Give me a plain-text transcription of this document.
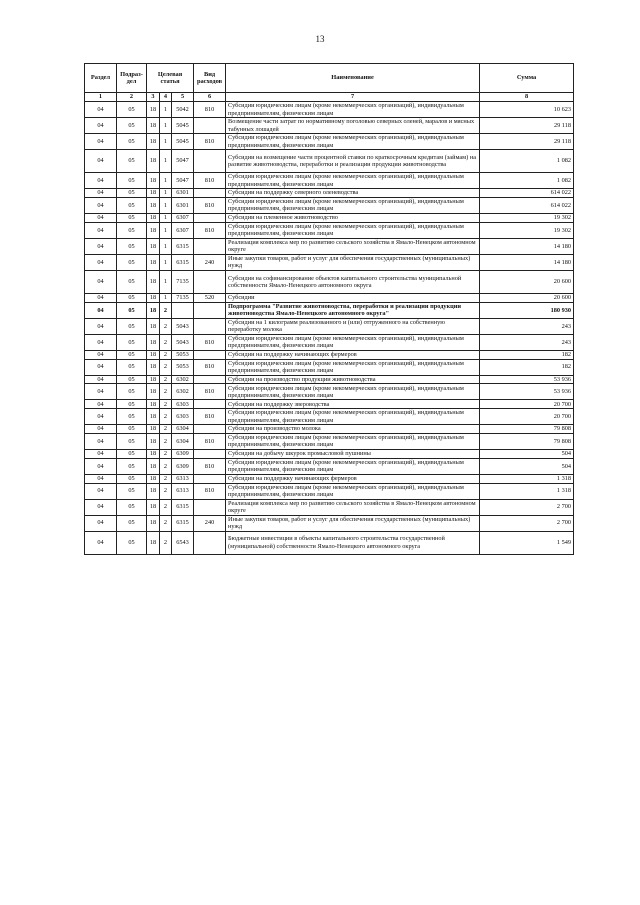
13
Раздел	Подраз-дел	Целевая статья			Вид расходов	Наименование	Сумма
1	2	3	4	5	6	7	8
04	05	18	1	5042	810	Субсидии юридическим лицам (кроме некоммерческих организаций), индивидуальным предпринимателям, физическим лицам	10 623
04	05	18	1	5045		Возмещение части затрат по нормативному поголовью северных оленей, маралов и мясных табунных лошадей	29 118
04	05	18	1	5045	810	Субсидии юридическим лицам (кроме некоммерческих организаций), индивидуальным предпринимателям, физическим лицам	29 118
04	05	18	1	5047		Субсидии на возмещение части процентной ставки по краткосрочным кредитам (займам) на развитие животноводства, переработки и реализации продукции животноводства	1 082
04	05	18	1	5047	810	Субсидии юридическим лицам (кроме некоммерческих организаций), индивидуальным предпринимателям, физическим лицам	1 082
04	05	18	1	6301		Субсидии на поддержку северного оленеводства	614 022
04	05	18	1	6301	810	Субсидии юридическим лицам (кроме некоммерческих организаций), индивидуальным предпринимателям, физическим лицам	614 022
04	05	18	1	6307		Субсидии на племенное животноводство	19 302
04	05	18	1	6307	810	Субсидии юридическим лицам (кроме некоммерческих организаций), индивидуальным предпринимателям, физическим лицам	19 302
04	05	18	1	6315		Реализация комплекса мер по развитию сельского хозяйства в Ямало-Ненецком автономном округе	14 180
04	05	18	1	6315	240	Иные закупки товаров, работ и услуг для обеспечения государственных (муниципальных) нужд	14 180
04	05	18	1	7135		Субсидия на софинансирование объектов капитального строительства муниципальной собственности Ямало-Ненецкого автономного округа	20 600
04	05	18	1	7135	520	Субсидии	20 600
04	05	18	2			Подпрограмма "Развитие животноводства, переработки и реализации продукции животноводства Ямало-Ненецкого автономного округа"	180 930
04	05	18	2	5043		Субсидии на 1 килограмм реализованного и (или) отгруженного на собственную переработку молока	243
04	05	18	2	5043	810	Субсидии юридическим лицам (кроме некоммерческих организаций), индивидуальным предпринимателям, физическим лицам	243
04	05	18	2	5053		Субсидии на поддержку начинающих фермеров	182
04	05	18	2	5053	810	Субсидии юридическим лицам (кроме некоммерческих организаций), индивидуальным предпринимателям, физическим лицам	182
04	05	18	2	6302		Субсидии на производство продукции животноводства	53 936
04	05	18	2	6302	810	Субсидии юридическим лицам (кроме некоммерческих организаций), индивидуальным предпринимателям, физическим лицам	53 936
04	05	18	2	6303		Субсидии на поддержку звероводства	20 700
04	05	18	2	6303	810	Субсидии юридическим лицам (кроме некоммерческих организаций), индивидуальным предпринимателям, физическим лицам	20 700
04	05	18	2	6304		Субсидии на производство молока	79 808
04	05	18	2	6304	810	Субсидии юридическим лицам (кроме некоммерческих организаций), индивидуальным предпринимателям, физическим лицам	79 808
04	05	18	2	6309		Субсидии на добычу шкурок промысловой пушнины	504
04	05	18	2	6309	810	Субсидии юридическим лицам (кроме некоммерческих организаций), индивидуальным предпринимателям, физическим лицам	504
04	05	18	2	6313		Субсидии на поддержку начинающих фермеров	1 318
04	05	18	2	6313	810	Субсидии юридическим лицам (кроме некоммерческих организаций), индивидуальным предпринимателям, физическим лицам	1 318
04	05	18	2	6315		Реализация комплекса мер по развитию сельского хозяйства в Ямало-Ненецком автономном округе	2 700
04	05	18	2	6315	240	Иные закупки товаров, работ и услуг для обеспечения государственных (муниципальных) нужд	2 700
04	05	18	2	6543		Бюджетные инвестиции в объекты капитального строительства государственной (муниципальной) собственности Ямало-Ненецкого автономного округа	1 549
